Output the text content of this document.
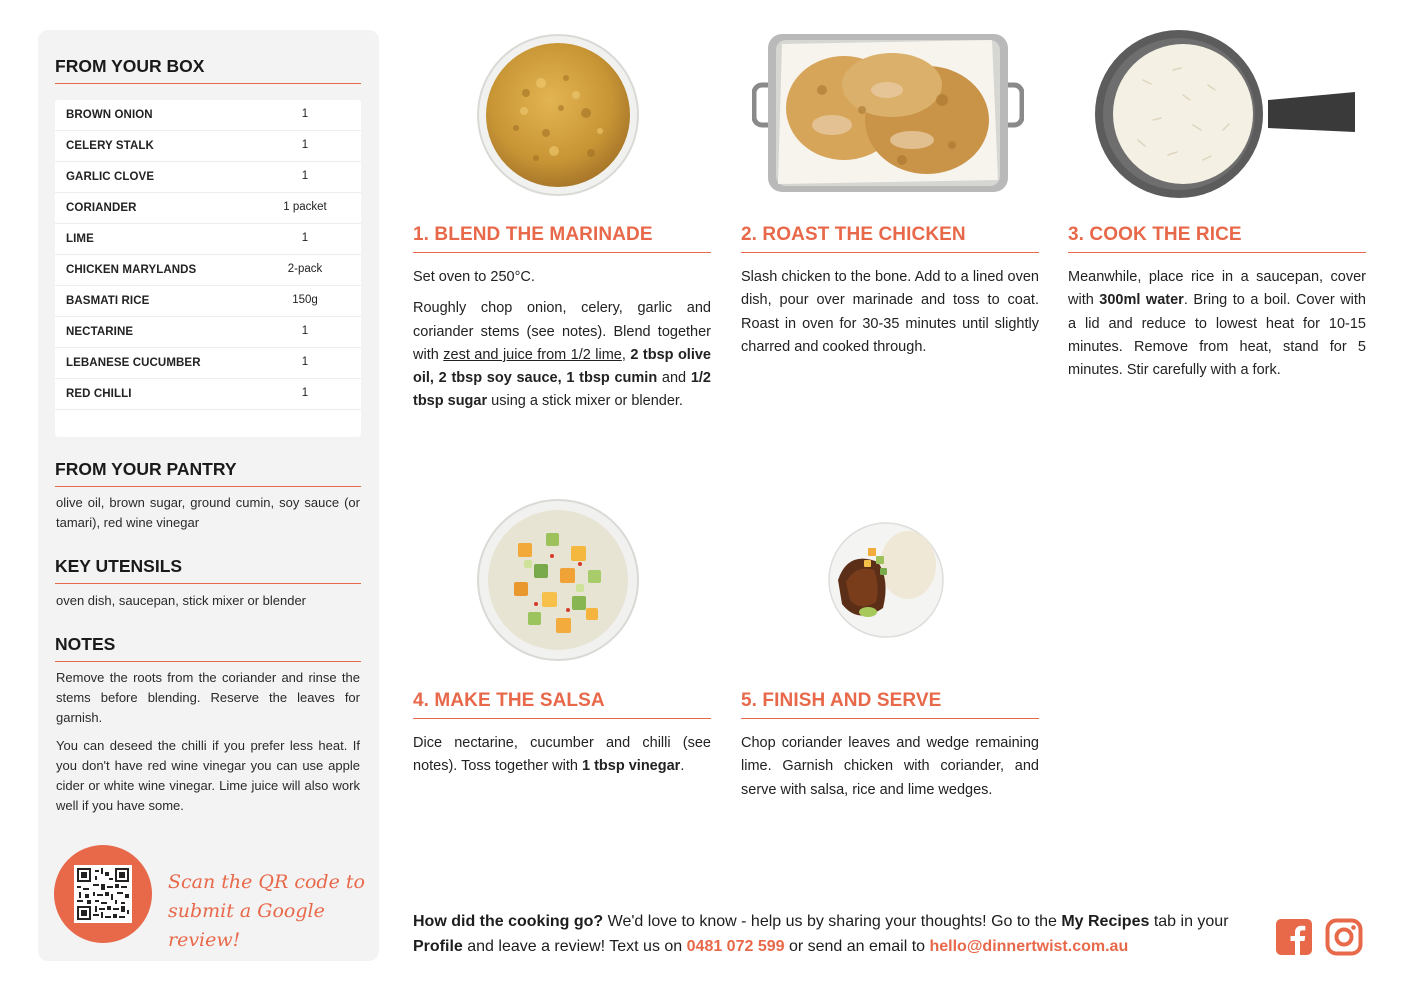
FROM YOUR BOX
BROWN ONION	1
CELERY STALK	1
GARLIC CLOVE	1
CORIANDER	1 packet
LIME	1
CHICKEN MARYLANDS	2-pack
BASMATI RICE	150g
NECTARINE	1
LEBANESE CUCUMBER	1
RED CHILLI	1
FROM YOUR PANTRY
olive oil, brown sugar, ground cumin, soy sauce (or tamari), red wine vinegar
KEY UTENSILS
oven dish, saucepan, stick mixer or blender
NOTES
Remove the roots from the coriander and rinse the stems before blending. Reserve the leaves for garnish.
You can deseed the chilli if you prefer less heat. If you don't have red wine vinegar you can use apple cider or white wine vinegar. Lime juice will also work well if you have some.
Scan the QR code to
submit a Google review!
1. BLEND THE MARINADE

Set oven to 250°C.

Roughly chop onion, celery, garlic and coriander stems (see notes). Blend together with zest and juice from 1/2 lime, 2 tbsp olive oil, 2 tbsp soy sauce, 1 tbsp cumin and 1/2 tbsp sugar using a stick mixer or blender.

2. ROAST THE CHICKEN

Slash chicken to the bone. Add to a lined oven dish, pour over marinade and toss to coat. Roast in oven for 30-35 minutes until slightly charred and cooked through.

3. COOK THE RICE

Meanwhile, place rice in a saucepan, cover with 300ml water. Bring to a boil. Cover with a lid and reduce to lowest heat for 10-15 minutes. Remove from heat, stand for 5 minutes. Stir carefully with a fork.

4. MAKE THE SALSA

Dice nectarine, cucumber and chilli (see notes). Toss together with 1 tbsp vinegar.

5. FINISH AND SERVE

Chop coriander leaves and wedge remaining lime. Garnish chicken with coriander, and serve with salsa, rice and lime wedges.

How did the cooking go? We'd love to know - help us by sharing your thoughts! Go to the My Recipes tab in your Profile and leave a review! Text us on 0481 072 599 or send an email to hello@dinnertwist.com.au
